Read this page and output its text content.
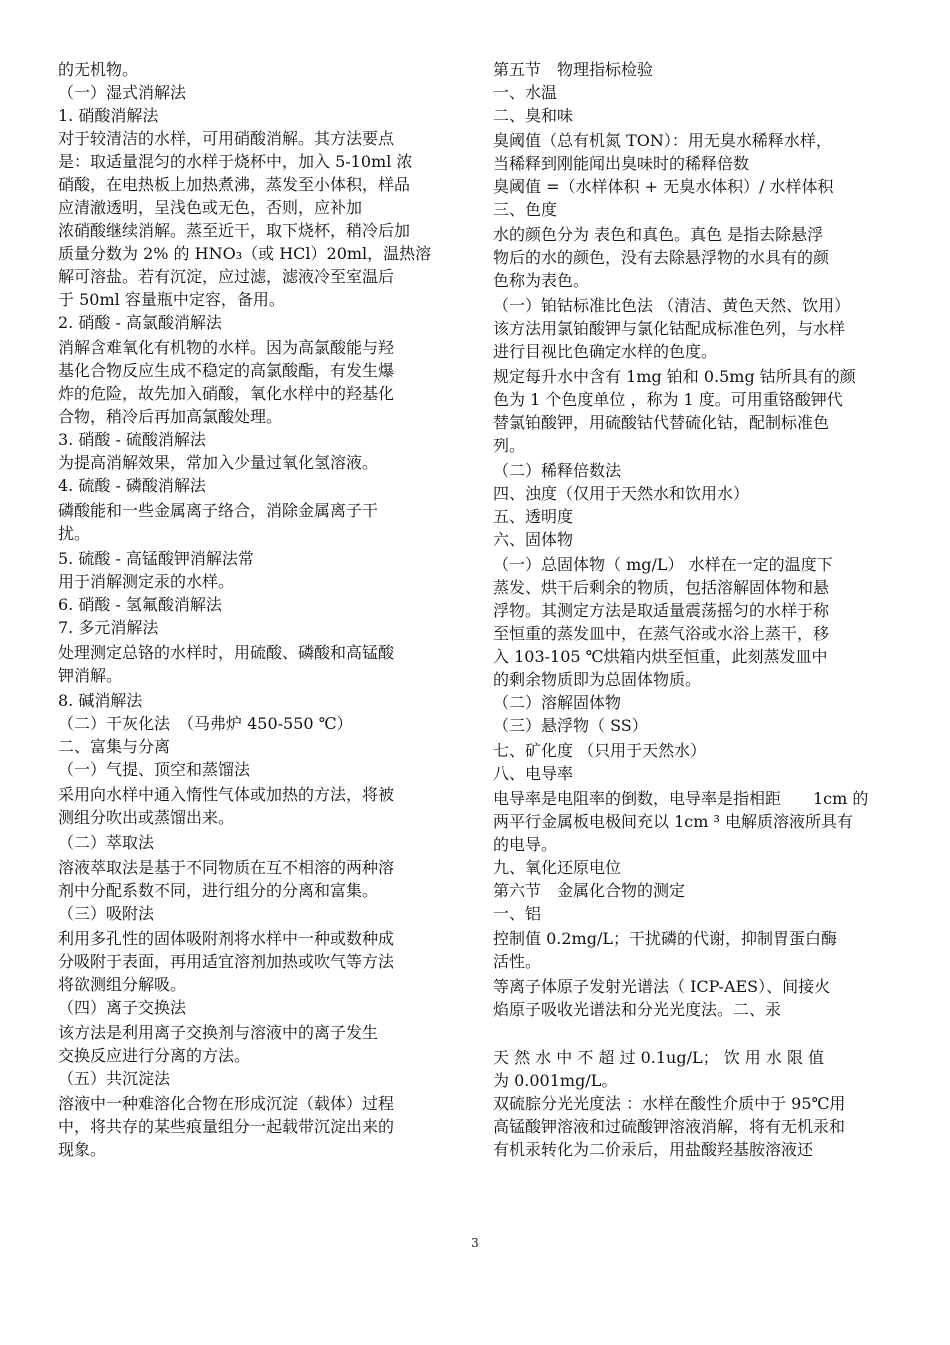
的无机物。
（一）湿式消解法
1. 硝酸消解法
对于较清洁的水样，可用硝酸消解。其方法要点
是：取适量混匀的水样于烧杯中，加入 5-10ml 浓
硝酸，在电热板上加热煮沸，蒸发至小体积，样品
应清澈透明，呈浅色或无色，否则，应补加
浓硝酸继续消解。蒸至近干，取下烧杯，稍冷后加
质量分数为 2% 的 HNO₃（或 HCl）20ml，温热溶
解可溶盐。若有沉淀，应过滤，滤液冷至室温后
于 50ml 容量瓶中定容，备用。
2. 硝酸 - 高氯酸消解法
消解含难氧化有机物的水样。因为高氯酸能与羟
基化合物反应生成不稳定的高氯酸酯，有发生爆
炸的危险，故先加入硝酸，氧化水样中的羟基化
合物，稍冷后再加高氯酸处理。
3. 硝酸 - 硫酸消解法
为提高消解效果，常加入少量过氧化氢溶液。
4. 硫酸 - 磷酸消解法
磷酸能和一些金属离子络合，消除金属离子干
扰。
5. 硫酸 - 高锰酸钾消解法常
用于消解测定汞的水样。
6. 硝酸 - 氢氟酸消解法
7. 多元消解法
处理测定总铬的水样时，用硫酸、磷酸和高锰酸
钾消解。
8. 碱消解法
（二）干灰化法　（马弗炉 450-550 ℃）
二、富集与分离
（一）气提、顶空和蒸馏法
采用向水样中通入惰性气体或加热的方法，将被
测组分吹出或蒸馏出来。
（二）萃取法
溶液萃取法是基于不同物质在互不相溶的两种溶
剂中分配系数不同，进行组分的分离和富集。
（三）吸附法
利用多孔性的固体吸附剂将水样中一种或数种成
分吸附于表面，再用适宜溶剂加热或吹气等方法
将欲测组分解吸。
（四）离子交换法
该方法是利用离子交换剂与溶液中的离子发生
交换反应进行分离的方法。
（五）共沉淀法
溶液中一种难溶化合物在形成沉淀（载体）过程
中，将共存的某些痕量组分一起载带沉淀出来的
现象。
第五节　物理指标检验
一、水温
二、臭和味
臭阈值（总有机氮 TON）：用无臭水稀释水样，
当稀释到刚能闻出臭味时的稀释倍数
臭阈值 =（水样体积 + 无臭水体积）/ 水样体积
三、色度
水的颜色分为 表色和真色。真色 是指去除悬浮
物后的水的颜色，没有去除悬浮物的水具有的颜
色称为表色。
（一）铂钴标准比色法 （清洁、黄色天然、饮用）
该方法用氯铂酸钾与氯化钴配成标准色列，与水样
进行目视比色确定水样的色度。
规定每升水中含有 1mg 铂和 0.5mg 钴所具有的颜
色为 1 个色度单位 ，称为 1 度。可用重铬酸钾代
替氯铂酸钾，用硫酸钴代替硫化钴，配制标准色
列。
（二）稀释倍数法
四、浊度（仅用于天然水和饮用水）
五、透明度
六、固体物
（一）总固体物（ mg/L） 水样在一定的温度下
蒸发、烘干后剩余的物质，包括溶解固体物和悬
浮物。其测定方法是取适量震荡摇匀的水样于称
至恒重的蒸发皿中，在蒸气浴或水浴上蒸干，移
入 103-105 ℃烘箱内烘至恒重，此刻蒸发皿中
的剩余物质即为总固体物质。
（二）溶解固体物
（三）悬浮物（ SS）
七、矿化度 （只用于天然水）
八、电导率
电导率是电阻率的倒数，电导率是指相距　　1cm 的
两平行金属板电极间充以 1cm ³ 电解质溶液所具有
的电导。
九、氧化还原电位
第六节　金属化合物的测定
一、铝
控制值 0.2mg/L；干扰磷的代谢，抑制胃蛋白酶
活性。
等离子体原子发射光谱法（ ICP-AES）、间接火
焰原子吸收光谱法和分光光度法。二、汞
天 然 水 中 不 超 过 0.1ug/L； 饮 用 水 限 值
为 0.001mg/L。
双硫腙分光光度法 ：水样在酸性介质中于 95℃用
高锰酸钾溶液和过硫酸钾溶液消解，将有无机汞和
有机汞转化为二价汞后，用盐酸羟基胺溶液还
3
